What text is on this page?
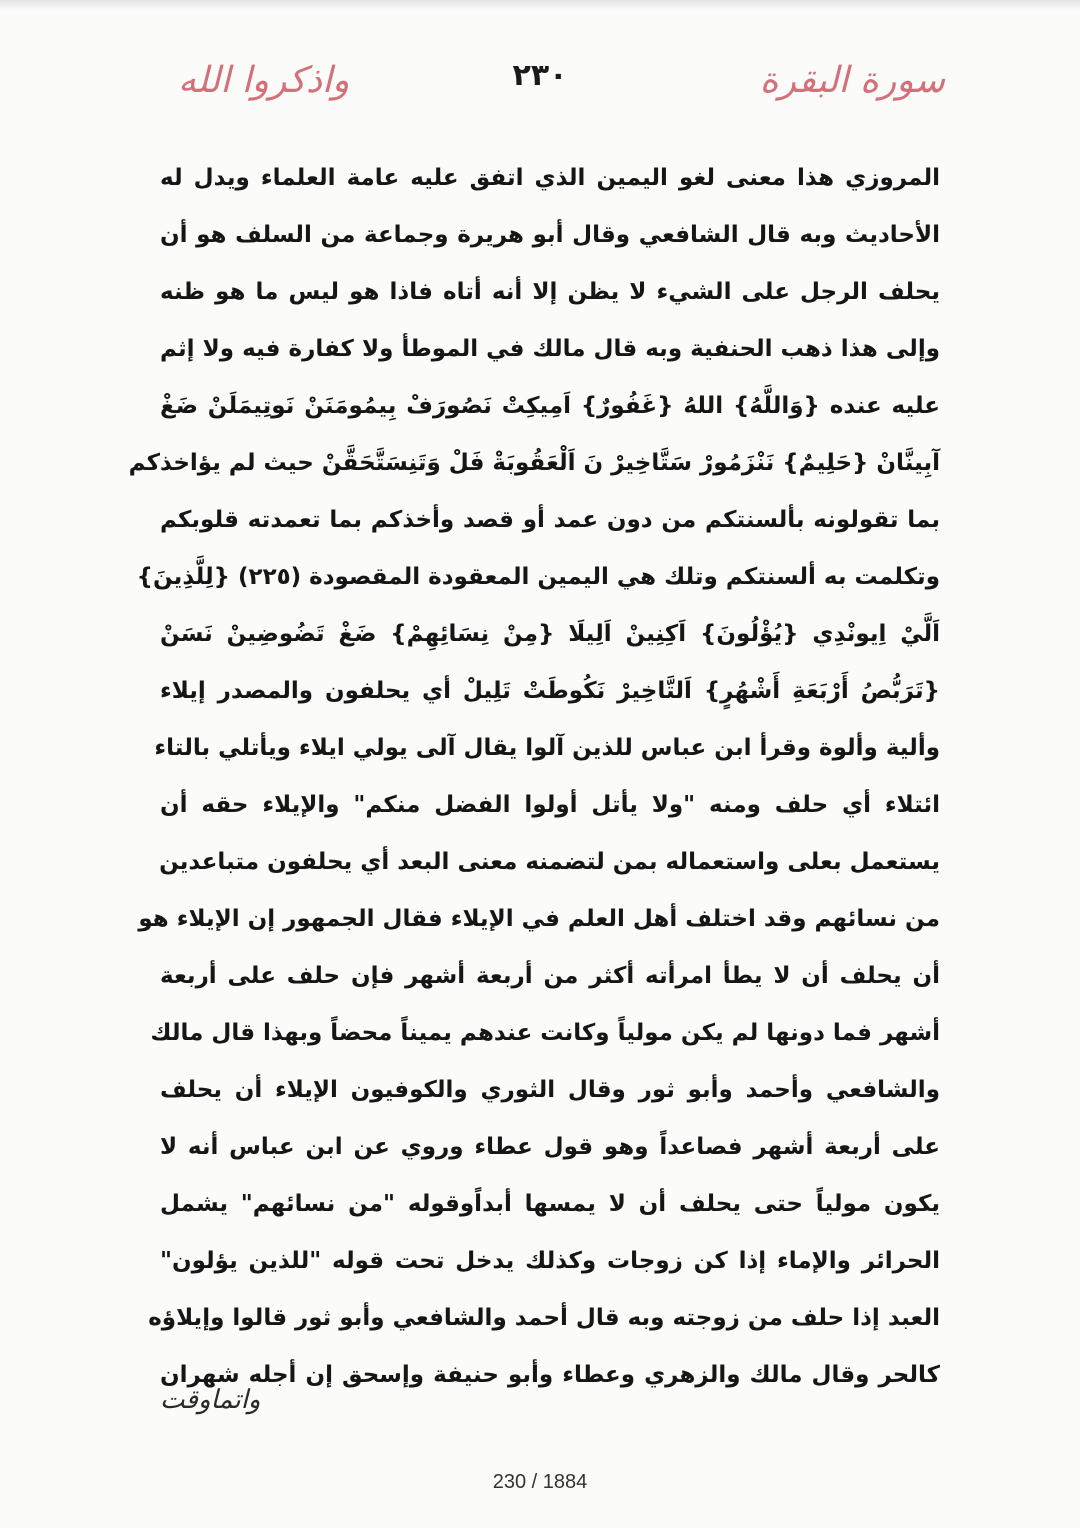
سورة البقرة
٢٣٠
واذكروا الله
المروزي هذا معنى لغو اليمين الذي اتفق عليه عامة العلماء ويدل له
الأحاديث وبه قال الشافعي وقال أبو هريرة وجماعة من السلف هو أن
يحلف الرجل على الشيء لا يظن إلا أنه أتاه فاذا هو ليس ما هو ظنه
وإلى هذا ذهب الحنفية وبه قال مالك في الموطأ ولا كفارة فيه ولا إثم
عليه عنده {وَاللَّهُ} اللهُ {غَفُورٌ} اَمِيكِتْ نَصُورَفْ بِيمُومَنَنْ نَوتِيمَلَنْ ضَغْ
آبِينَّانْ {حَلِيمٌ} نَنْزَمُورْ سَتَّاخِيرْ نَ اَلْعَقُوبَةْ فَلْ وَتَنِسَتَّحَقَّنْ حيث لم يؤاخذكم
بما تقولونه بألسنتكم من دون عمد أو قصد وأخذكم بما تعمدته قلوبكم
وتكلمت به ألسنتكم وتلك هي اليمين المعقودة المقصودة (٢٢٥) {لِلَّذِينَ}
اَلَّيْ اِيونْدِي {يُؤْلُونَ} اَكِنِينْ اَلِيلَا {مِنْ نِسَائِهِمْ} ضَغْ تَضُوضِينْ نَسَنْ
{تَرَبُّصُ أَرْبَعَةِ أَشْهُرٍ} اَلتَّاخِيرْ نَكُوطَتْ تَلِيلْ أي يحلفون والمصدر إيلاء
وألية وألوة وقرأ ابن عباس للذين آلوا يقال آلى يولي ايلاء ويأتلي بالتاء
ائتلاء أي حلف ومنه "ولا يأتل أولوا الفضل منكم" والإيلاء حقه أن
يستعمل بعلى واستعماله بمن لتضمنه معنى البعد أي يحلفون متباعدين
من نسائهم وقد اختلف أهل العلم في الإيلاء فقال الجمهور إن الإيلاء هو
أن يحلف أن لا يطأ امرأته أكثر من أربعة أشهر فإن حلف على أربعة
أشهر فما دونها لم يكن مولياً وكانت عندهم يميناً محضاً وبهذا قال مالك
والشافعي وأحمد وأبو ثور وقال الثوري والكوفيون الإيلاء أن يحلف
على أربعة أشهر فصاعداً وهو قول عطاء وروي عن ابن عباس أنه لا
يكون مولياً حتى يحلف أن لا يمسها أبداًوقوله "من نسائهم" يشمل
الحرائر والإماء إذا كن زوجات وكذلك يدخل تحت قوله "للذين يؤلون"
العبد إذا حلف من زوجته وبه قال أحمد والشافعي وأبو ثور قالوا وإيلاؤه
كالحر وقال مالك والزهري وعطاء وأبو حنيفة وإسحق إن أجله شهران
واتماوقت
230 / 1884
